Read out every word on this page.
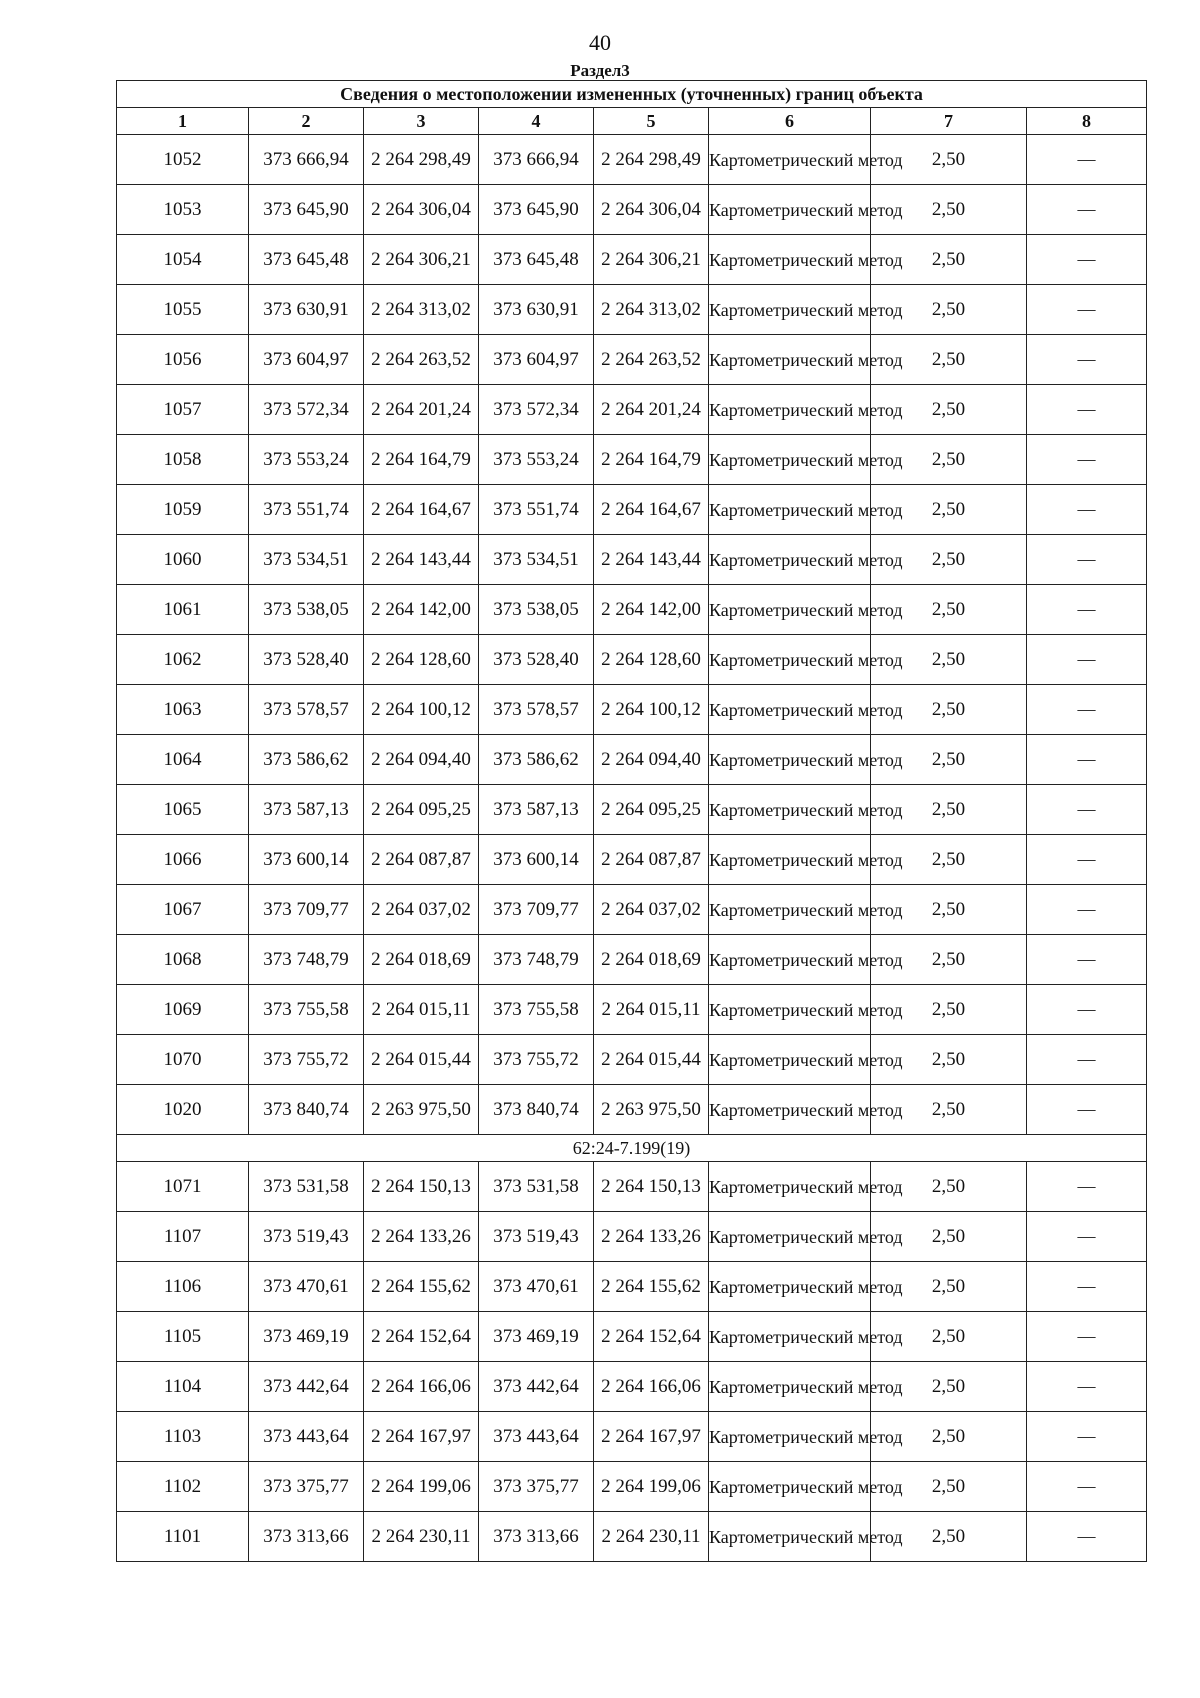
40
Раздел3
Сведения о местоположении измененных (уточненных) границ объекта							
1	2	3	4	5	6	7	8
1052	373 666,94	2 264 298,49	373 666,94	2 264 298,49	Картометрический метод	2,50	—
1053	373 645,90	2 264 306,04	373 645,90	2 264 306,04	Картометрический метод	2,50	—
1054	373 645,48	2 264 306,21	373 645,48	2 264 306,21	Картометрический метод	2,50	—
1055	373 630,91	2 264 313,02	373 630,91	2 264 313,02	Картометрический метод	2,50	—
1056	373 604,97	2 264 263,52	373 604,97	2 264 263,52	Картометрический метод	2,50	—
1057	373 572,34	2 264 201,24	373 572,34	2 264 201,24	Картометрический метод	2,50	—
1058	373 553,24	2 264 164,79	373 553,24	2 264 164,79	Картометрический метод	2,50	—
1059	373 551,74	2 264 164,67	373 551,74	2 264 164,67	Картометрический метод	2,50	—
1060	373 534,51	2 264 143,44	373 534,51	2 264 143,44	Картометрический метод	2,50	—
1061	373 538,05	2 264 142,00	373 538,05	2 264 142,00	Картометрический метод	2,50	—
1062	373 528,40	2 264 128,60	373 528,40	2 264 128,60	Картометрический метод	2,50	—
1063	373 578,57	2 264 100,12	373 578,57	2 264 100,12	Картометрический метод	2,50	—
1064	373 586,62	2 264 094,40	373 586,62	2 264 094,40	Картометрический метод	2,50	—
1065	373 587,13	2 264 095,25	373 587,13	2 264 095,25	Картометрический метод	2,50	—
1066	373 600,14	2 264 087,87	373 600,14	2 264 087,87	Картометрический метод	2,50	—
1067	373 709,77	2 264 037,02	373 709,77	2 264 037,02	Картометрический метод	2,50	—
1068	373 748,79	2 264 018,69	373 748,79	2 264 018,69	Картометрический метод	2,50	—
1069	373 755,58	2 264 015,11	373 755,58	2 264 015,11	Картометрический метод	2,50	—
1070	373 755,72	2 264 015,44	373 755,72	2 264 015,44	Картометрический метод	2,50	—
1020	373 840,74	2 263 975,50	373 840,74	2 263 975,50	Картометрический метод	2,50	—
62:24-7.199(19)							
1071	373 531,58	2 264 150,13	373 531,58	2 264 150,13	Картометрический метод	2,50	—
1107	373 519,43	2 264 133,26	373 519,43	2 264 133,26	Картометрический метод	2,50	—
1106	373 470,61	2 264 155,62	373 470,61	2 264 155,62	Картометрический метод	2,50	—
1105	373 469,19	2 264 152,64	373 469,19	2 264 152,64	Картометрический метод	2,50	—
1104	373 442,64	2 264 166,06	373 442,64	2 264 166,06	Картометрический метод	2,50	—
1103	373 443,64	2 264 167,97	373 443,64	2 264 167,97	Картометрический метод	2,50	—
1102	373 375,77	2 264 199,06	373 375,77	2 264 199,06	Картометрический метод	2,50	—
1101	373 313,66	2 264 230,11	373 313,66	2 264 230,11	Картометрический метод	2,50	—
